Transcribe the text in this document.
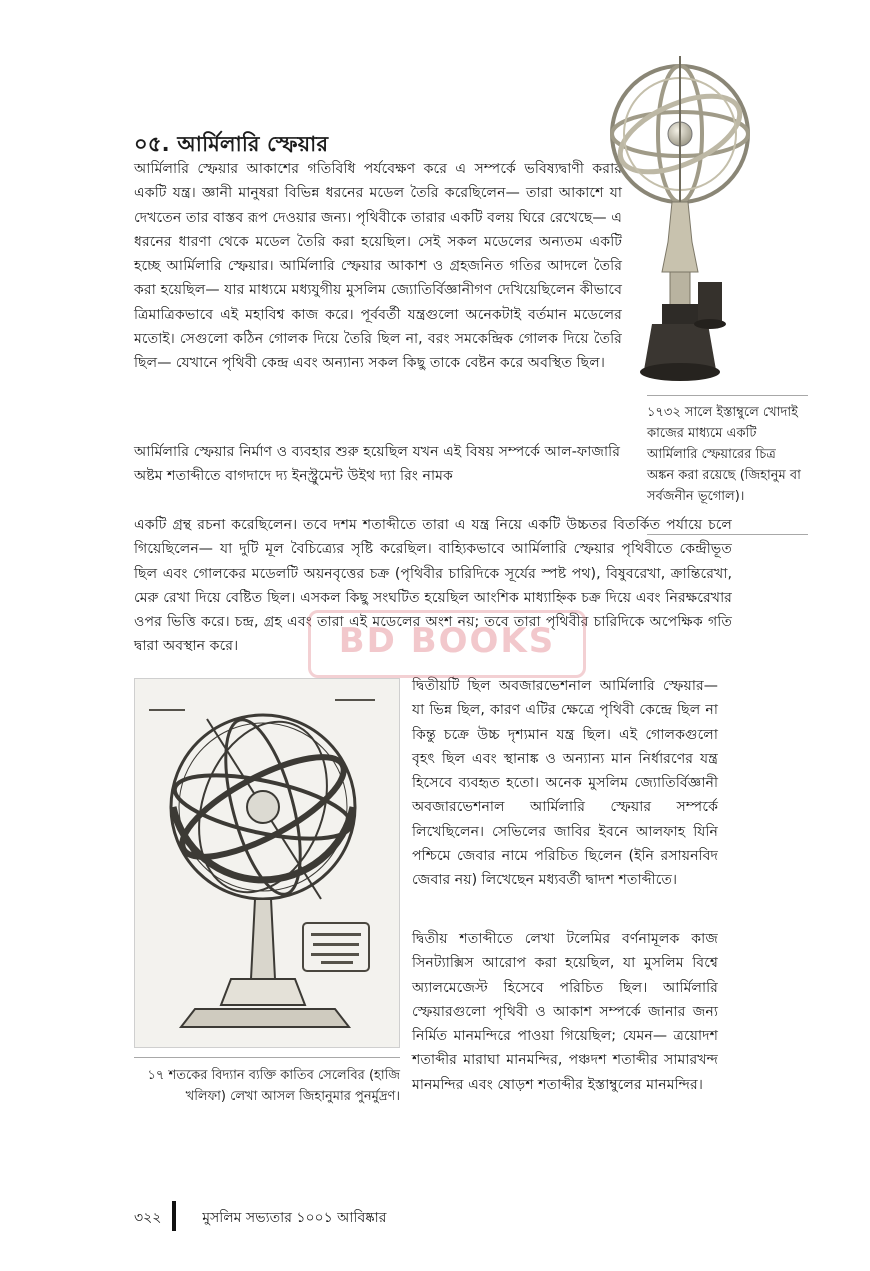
০৫. আর্মিলারি স্ফেয়ার

আর্মিলারি স্ফেয়ার আকাশের গতিবিধি পর্যবেক্ষণ করে এ সম্পর্কে ভবিষ্যদ্বাণী করার একটি যন্ত্র। জ্ঞানী মানুষরা বিভিন্ন ধরনের মডেল তৈরি করেছিলেন— তারা আকাশে যা দেখতেন তার বাস্তব রূপ দেওয়ার জন্য। পৃথিবীকে তারার একটি বলয় ঘিরে রেখেছে— এ ধরনের ধারণা থেকে মডেল তৈরি করা হয়েছিল। সেই সকল মডেলের অন্যতম একটি হচ্ছে আর্মিলারি স্ফেয়ার। আর্মিলারি স্ফেয়ার আকাশ ও গ্রহজনিত গতির আদলে তৈরি করা হয়েছিল— যার মাধ্যমে মধ্যযুগীয় মুসলিম জ্যোতির্বিজ্ঞানীগণ দেখিয়েছিলেন কীভাবে ত্রিমাত্রিকভাবে এই মহাবিশ্ব কাজ করে। পূর্ববর্তী যন্ত্রগুলো অনেকটাই বর্তমান মডেলের মতোই। সেগুলো কঠিন গোলক দিয়ে তৈরি ছিল না, বরং সমকেন্দ্রিক গোলক দিয়ে তৈরি ছিল— যেখানে পৃথিবী কেন্দ্র এবং অন্যান্য সকল কিছু তাকে বেষ্টন করে অবস্থিত ছিল।

আর্মিলারি স্ফেয়ার নির্মাণ ও ব্যবহার শুরু হয়েছিল যখন এই বিষয় সম্পর্কে আল-ফাজারি অষ্টম শতাব্দীতে বাগদাদে দ্য ইনস্ট্রুমেন্ট উইথ দ্যা রিং নামক

একটি গ্রন্থ রচনা করেছিলেন। তবে দশম শতাব্দীতে তারা এ যন্ত্র নিয়ে একটি উচ্চতর বিতর্কিত পর্যায়ে চলে গিয়েছিলেন— যা দুটি মূল বৈচিত্র্যের সৃষ্টি করেছিল। বাহ্যিকভাবে আর্মিলারি স্ফেয়ার পৃথিবীতে কেন্দ্রীভূত ছিল এবং গোলকের মডেলটি অয়নবৃত্তের চক্র (পৃথিবীর চারিদিকে সূর্যের স্পষ্ট পথ), বিষুবরেখা, ক্রান্তিরেখা, মেরু রেখা দিয়ে বেষ্টিত ছিল। এসকল কিছু সংঘটিত হয়েছিল আংশিক মাধ্যাহ্নিক চক্র দিয়ে এবং নিরক্ষরেখার ওপর ভিত্তি করে। চন্দ্র, গ্রহ এবং তারা এই মডেলের অংশ নয়; তবে তারা পৃথিবীর চারিদিকে অপেক্ষিক গতি দ্বারা অবস্থান করে।

দ্বিতীয়টি ছিল অবজারভেশনাল আর্মিলারি স্ফেয়ার— যা ভিন্ন ছিল, কারণ এটির ক্ষেত্রে পৃথিবী কেন্দ্রে ছিল না কিন্তু চক্রে উচ্চ দৃশ্যমান যন্ত্র ছিল। এই গোলকগুলো বৃহৎ ছিল এবং স্থানাঙ্ক ও অন্যান্য মান নির্ধারণের যন্ত্র হিসেবে ব্যবহৃত হতো। অনেক মুসলিম জ্যোতির্বিজ্ঞানী অবজারভেশনাল আর্মিলারি স্ফেয়ার সম্পর্কে লিখেছিলেন। সেভিলের জাবির ইবনে আলফাহ যিনি পশ্চিমে জেবার নামে পরিচিত ছিলেন (ইনি রসায়নবিদ জেবার নয়) লিখেছেন মধ্যবর্তী দ্বাদশ শতাব্দীতে।

দ্বিতীয় শতাব্দীতে লেখা টলেমির বর্ণনামূলক কাজ সিনট্যাক্সিস আরোপ করা হয়েছিল, যা মুসলিম বিশ্বে অ্যালমেজেস্ট হিসেবে পরিচিত ছিল। আর্মিলারি স্ফেয়ারগুলো পৃথিবী ও আকাশ সম্পর্কে জানার জন্য নির্মিত মানমন্দিরে পাওয়া গিয়েছিল; যেমন— ত্রয়োদশ শতাব্দীর মারাঘা মানমন্দির, পঞ্চদশ শতাব্দীর সামারখন্দ মানমন্দির এবং ষোড়শ শতাব্দীর ইস্তাম্বুলের মানমন্দির।

১৭৩২ সালে ইস্তাম্বুলে খোদাই কাজের মাধ্যমে একটি আর্মিলারি স্ফেয়ারের চিত্র অঙ্কন করা রয়েছে (জিহানুম বা সর্বজনীন ভূগোল)।

১৭ শতকের বিদ্যান ব্যক্তি কাতিব সেলেবির (হাজি খলিফা) লেখা আসল জিহানুমার পুনর্মুদ্রণ।

BD BOOKS
৩২২	মুসলিম সভ্যতার ১০০১ আবিষ্কার
